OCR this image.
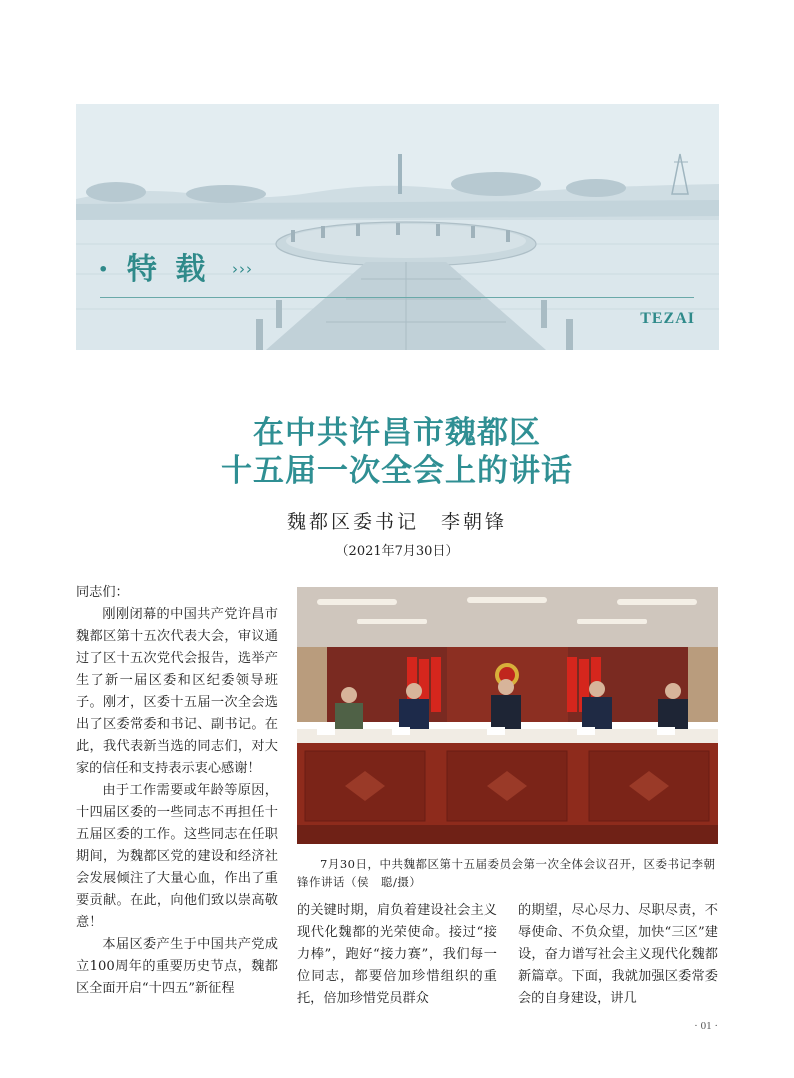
· 特 载 ›››
TEZAI
在中共许昌市魏都区
十五届一次全会上的讲话
魏都区委书记 李朝锋
（2021年7月30日）

同志们：

刚刚闭幕的中国共产党许昌市魏都区第十五次代表大会，审议通过了区十五次党代会报告，选举产生了新一届区委和区纪委领导班子。刚才，区委十五届一次全会选出了区委常委和书记、副书记。在此，我代表新当选的同志们，对大家的信任和支持表示衷心感谢！

由于工作需要或年龄等原因，十四届区委的一些同志不再担任十五届区委的工作。这些同志在任职期间，为魏都区党的建设和经济社会发展倾注了大量心血，作出了重要贡献。在此，向他们致以崇高敬意！

本届区委产生于中国共产党成立100周年的重要历史节点，魏都区全面开启“十四五”新征程

7月30日，中共魏都区第十五届委员会第一次全体会议召开，区委书记李朝锋作讲话（侯　聪/摄）

的关键时期，肩负着建设社会主义现代化魏都的光荣使命。接过“接力棒”，跑好“接力赛”，我们每一位同志，都要倍加珍惜组织的重托，倍加珍惜党员群众

的期望，尽心尽力、尽职尽责，不辱使命、不负众望，加快“三区”建设，奋力谱写社会主义现代化魏都新篇章。下面，我就加强区委常委会的自身建设，讲几

· 01 ·
